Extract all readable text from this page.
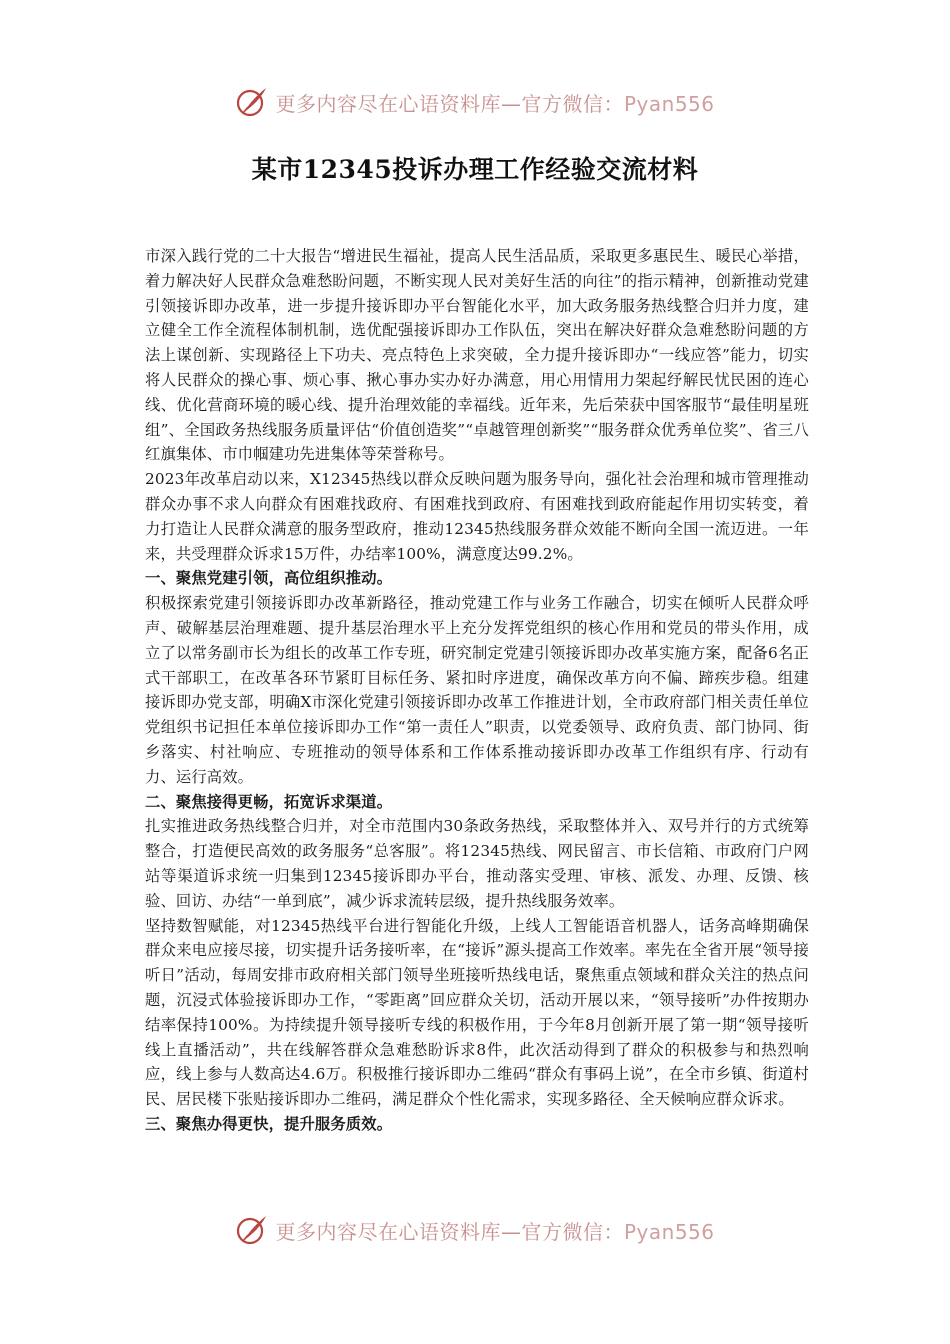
更多内容尽在心语资料库—官方微信：Pyan556
某市12345投诉办理工作经验交流材料

市深入践行党的二十大报告“增进民生福祉，提高人民生活品质，采取更多惠民生、暖民心举措，着力解决好人民群众急难愁盼问题，不断实现人民对美好生活的向往”的指示精神，创新推动党建引领接诉即办改革，进一步提升接诉即办平台智能化水平，加大政务服务热线整合归并力度，建立健全工作全流程体制机制，选优配强接诉即办工作队伍，突出在解决好群众急难愁盼问题的方法上谋创新、实现路径上下功夫、亮点特色上求突破，全力提升接诉即办“一线应答”能力，切实将人民群众的操心事、烦心事、揪心事办实办好办满意，用心用情用力架起纾解民忧民困的连心线、优化营商环境的暖心线、提升治理效能的幸福线。近年来，先后荣获中国客服节“最佳明星班组”、全国政务热线服务质量评估“价值创造奖”“卓越管理创新奖”“服务群众优秀单位奖”、省三八红旗集体、市巾帼建功先进集体等荣誉称号。

2023年改革启动以来，X12345热线以群众反映问题为服务导向，强化社会治理和城市管理推动群众办事不求人向群众有困难找政府、有困难找到政府、有困难找到政府能起作用切实转变，着力打造让人民群众满意的服务型政府，推动12345热线服务群众效能不断向全国一流迈进。一年来，共受理群众诉求15万件，办结率100%，满意度达99.2%。

一、聚焦党建引领，高位组织推动。

积极探索党建引领接诉即办改革新路径，推动党建工作与业务工作融合，切实在倾听人民群众呼声、破解基层治理难题、提升基层治理水平上充分发挥党组织的核心作用和党员的带头作用，成立了以常务副市长为组长的改革工作专班，研究制定党建引领接诉即办改革实施方案，配备6名正式干部职工，在改革各环节紧盯目标任务、紧扣时序进度，确保改革方向不偏、蹄疾步稳。组建接诉即办党支部，明确X市深化党建引领接诉即办改革工作推进计划，全市政府部门相关责任单位党组织书记担任本单位接诉即办工作“第一责任人”职责，以党委领导、政府负责、部门协同、街乡落实、村社响应、专班推动的领导体系和工作体系推动接诉即办改革工作组织有序、行动有力、运行高效。

二、聚焦接得更畅，拓宽诉求渠道。

扎实推进政务热线整合归并，对全市范围内30条政务热线，采取整体并入、双号并行的方式统筹整合，打造便民高效的政务服务“总客服”。将12345热线、网民留言、市长信箱、市政府门户网站等渠道诉求统一归集到12345接诉即办平台，推动落实受理、审核、派发、办理、反馈、核验、回访、办结“一单到底”，减少诉求流转层级，提升热线服务效率。

坚持数智赋能，对12345热线平台进行智能化升级，上线人工智能语音机器人，话务高峰期确保群众来电应接尽接，切实提升话务接听率，在“接诉”源头提高工作效率。率先在全省开展“领导接听日”活动，每周安排市政府相关部门领导坐班接听热线电话，聚焦重点领域和群众关注的热点问题，沉浸式体验接诉即办工作，“零距离”回应群众关切，活动开展以来，“领导接听”办件按期办结率保持100%。为持续提升领导接听专线的积极作用，于今年8月创新开展了第一期“领导接听线上直播活动”，共在线解答群众急难愁盼诉求8件，此次活动得到了群众的积极参与和热烈响应，线上参与人数高达4.6万。积极推行接诉即办二维码“群众有事码上说”，在全市乡镇、街道村民、居民楼下张贴接诉即办二维码，满足群众个性化需求，实现多路径、全天候响应群众诉求。

三、聚焦办得更快，提升服务质效。
更多内容尽在心语资料库—官方微信：Pyan556
